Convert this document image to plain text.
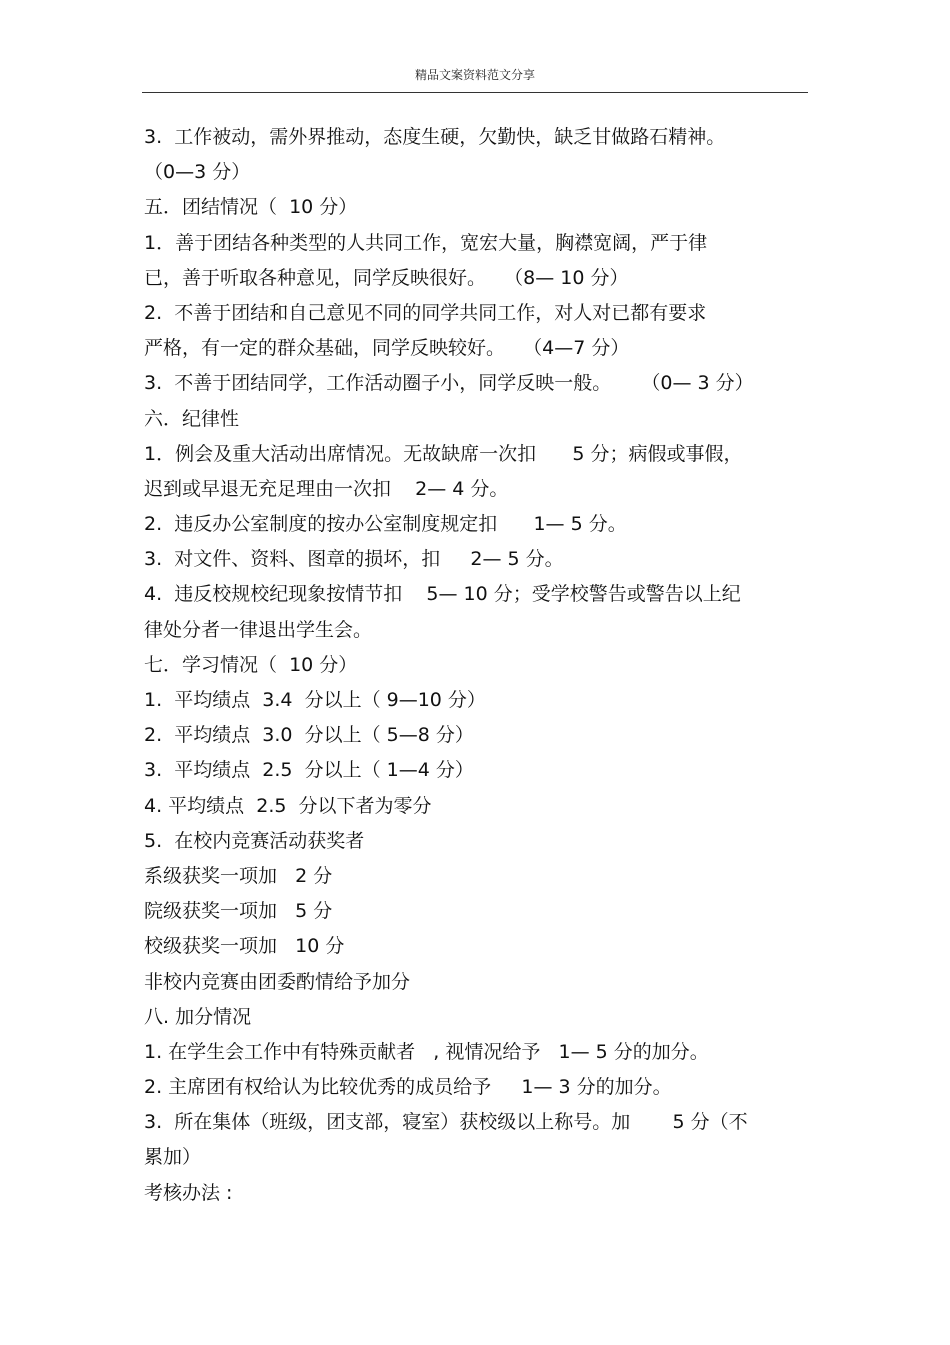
精品文案资料范文分享
3.  工作被动，需外界推动，态度生硬，欠勤快，缺乏甘做路石精神。
（0—3 分）
五．团结情况（  10 分）
1．善于团结各种类型的人共同工作，宽宏大量，胸襟宽阔，严于律
已，善于听取各种意见，同学反映很好。   （8— 10 分）
2.  不善于团结和自己意见不同的同学共同工作，对人对已都有要求
严格，有一定的群众基础，同学反映较好。   （4—7 分）
3.  不善于团结同学，工作活动圈子小，同学反映一般。     （0— 3 分）
六．纪律性
1．例会及重大活动出席情况。无故缺席一次扣      5 分；病假或事假，
迟到或早退无充足理由一次扣    2— 4 分。
2.  违反办公室制度的按办公室制度规定扣      1— 5 分。
3.  对文件、资料、图章的损坏，扣     2— 5 分。
4.  违反校规校纪现象按情节扣    5— 10 分；受学校警告或警告以上纪
律处分者一律退出学生会。
七．学习情况（  10 分）
1.  平均绩点  3.4  分以上（ 9—10 分）
2.  平均绩点  3.0  分以上（ 5—8 分）
3.  平均绩点  2.5  分以上（ 1—4 分）
4. 平均绩点  2.5  分以下者为零分
5.  在校内竞赛活动获奖者
系级获奖一项加   2 分
院级获奖一项加   5 分
校级获奖一项加   10 分
非校内竞赛由团委酌情给予加分
八. 加分情况
1. 在学生会工作中有特殊贡献者   , 视情况给予   1— 5 分的加分。
2. 主席团有权给认为比较优秀的成员给予     1— 3 分的加分。
3.  所在集体（班级，团支部，寝室）获校级以上称号。加       5 分（不
累加）
考核办法 :
